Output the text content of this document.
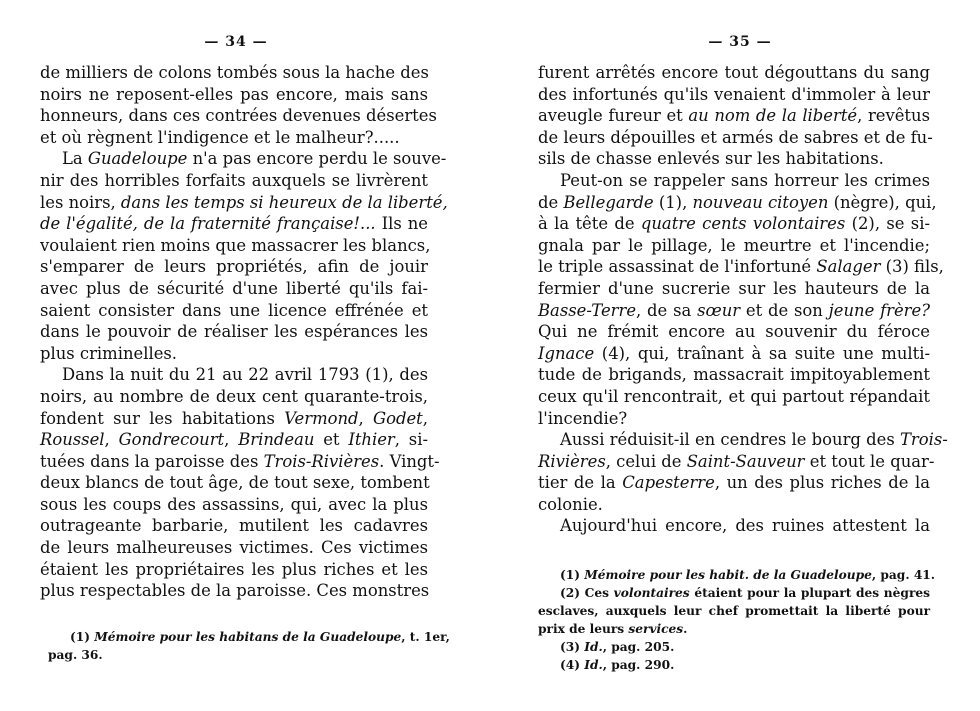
— 34 —
de milliers de colons tombés sous la hache des
noirs ne reposent-elles pas encore, mais sans
honneurs, dans ces contrées devenues désertes
et où règnent l'indigence et le malheur?.....
La Guadeloupe n'a pas encore perdu le souve-
nir des horribles forfaits auxquels se livrèrent
les noirs, dans les temps si heureux de la liberté,
de l'égalité, de la fraternité française!... Ils ne
voulaient rien moins que massacrer les blancs,
s'emparer de leurs propriétés, afin de jouir
avec plus de sécurité d'une liberté qu'ils fai-
saient consister dans une licence effrénée et
dans le pouvoir de réaliser les espérances les
plus criminelles.
Dans la nuit du 21 au 22 avril 1793 (1), des
noirs, au nombre de deux cent quarante-trois,
fondent sur les habitations Vermond, Godet,
Roussel, Gondrecourt, Brindeau et Ithier, si-
tuées dans la paroisse des Trois-Rivières. Vingt-
deux blancs de tout âge, de tout sexe, tombent
sous les coups des assassins, qui, avec la plus
outrageante barbarie, mutilent les cadavres
de leurs malheureuses victimes. Ces victimes
étaient les propriétaires les plus riches et les
plus respectables de la paroisse. Ces monstres
(1) Mémoire pour les habitans de la Guadeloupe, t. 1er,
pag. 36.
— 35 —
furent arrêtés encore tout dégouttans du sang
des infortunés qu'ils venaient d'immoler à leur
aveugle fureur et au nom de la liberté, revêtus
de leurs dépouilles et armés de sabres et de fu-
sils de chasse enlevés sur les habitations.
Peut-on se rappeler sans horreur les crimes
de Bellegarde (1), nouveau citoyen (nègre), qui,
à la tête de quatre cents volontaires (2), se si-
gnala par le pillage, le meurtre et l'incendie;
le triple assassinat de l'infortuné Salager (3) fils,
fermier d'une sucrerie sur les hauteurs de la
Basse-Terre, de sa sœur et de son jeune frère?
Qui ne frémit encore au souvenir du féroce
Ignace (4), qui, traînant à sa suite une multi-
tude de brigands, massacrait impitoyablement
ceux qu'il rencontrait, et qui partout répandait
l'incendie?
Aussi réduisit-il en cendres le bourg des Trois-
Rivières, celui de Saint-Sauveur et tout le quar-
tier de la Capesterre, un des plus riches de la
colonie.
Aujourd'hui encore, des ruines attestent la
(1) Mémoire pour les habit. de la Guadeloupe, pag. 41.
(2) Ces volontaires étaient pour la plupart des nègres
esclaves, auxquels leur chef promettait la liberté pour
prix de leurs services.
(3) Id., pag. 205.
(4) Id., pag. 290.
